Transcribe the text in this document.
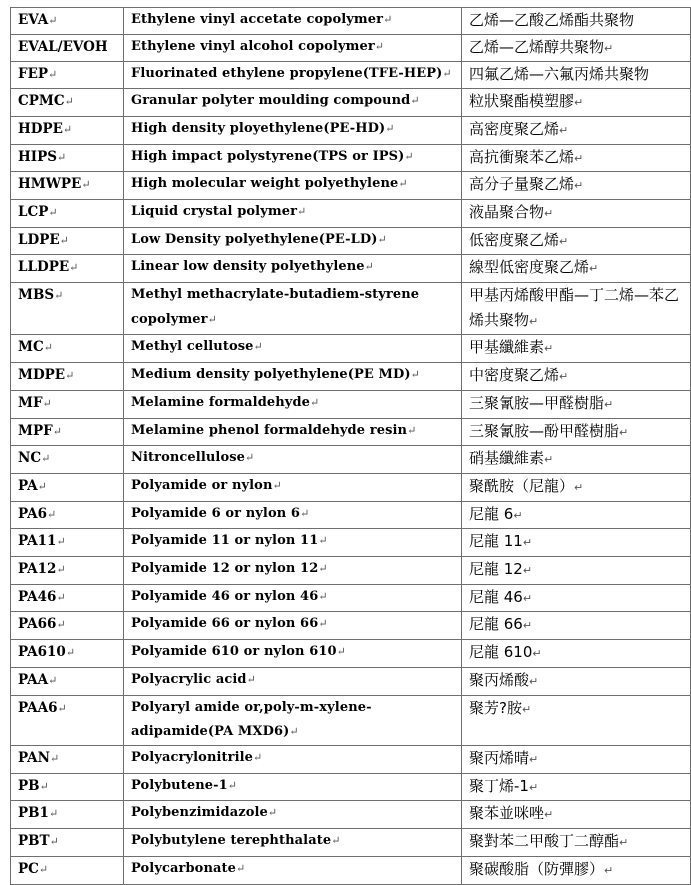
EVA↵	Ethylene vinyl accetate copolymer↵	乙烯—乙酸乙烯酯共聚物
EVAL/EVOH	Ethylene vinyl alcohol copolymer↵	乙烯—乙烯醇共聚物↵
FEP↵	Fluorinated ethylene propylene(TFE-HEP)↵	四氟乙烯—六氟丙烯共聚物
CPMC↵	Granular polyter moulding compound↵	粒狀聚酯模塑膠↵
HDPE↵	High density ployethylene(PE-HD)↵	高密度聚乙烯↵
HIPS↵	High impact polystyrene(TPS or IPS)↵	高抗衝聚苯乙烯↵
HMWPE↵	High molecular weight polyethylene↵	高分子量聚乙烯↵
LCP↵	Liquid crystal polymer↵	液晶聚合物↵
LDPE↵	Low Density polyethylene(PE-LD)↵	低密度聚乙烯↵
LLDPE↵	Linear low density polyethylene↵	線型低密度聚乙烯↵
MBS↵	Methyl methacrylate-butadiem-styrene copolymer↵	甲基丙烯酸甲酯—丁二烯—苯乙烯共聚物↵
MC↵	Methyl cellutose↵	甲基纖維素↵
MDPE↵	Medium density polyethylene(PE MD)↵	中密度聚乙烯↵
MF↵	Melamine formaldehyde↵	三聚氰胺—甲醛樹脂↵
MPF↵	Melamine phenol formaldehyde resin↵	三聚氰胺—酚甲醛樹脂↵
NC↵	Nitroncellulose↵	硝基纖維素↵
PA↵	Polyamide or nylon↵	聚酰胺（尼龍）↵
PA6↵	Polyamide 6 or nylon 6↵	尼龍 6↵
PA11↵	Polyamide 11 or nylon 11↵	尼龍 11↵
PA12↵	Polyamide 12 or nylon 12↵	尼龍 12↵
PA46↵	Polyamide 46 or nylon 46↵	尼龍 46↵
PA66↵	Polyamide 66 or nylon 66↵	尼龍 66↵
PA610↵	Polyamide 610 or nylon 610↵	尼龍 610↵
PAA↵	Polyacrylic acid↵	聚丙烯酸↵
PAA6↵	Polyaryl amide or,poly-m-xylene-adipamide(PA MXD6)↵	聚芳?胺↵
PAN↵	Polyacrylonitrile↵	聚丙烯晴↵
PB↵	Polybutene-1↵	聚丁烯-1↵
PB1↵	Polybenzimidazole↵	聚苯並咪唑↵
PBT↵	Polybutylene terephthalate↵	聚對苯二甲酸丁二醇酯↵
PC↵	Polycarbonate↵	聚碳酸脂（防彈膠）↵
